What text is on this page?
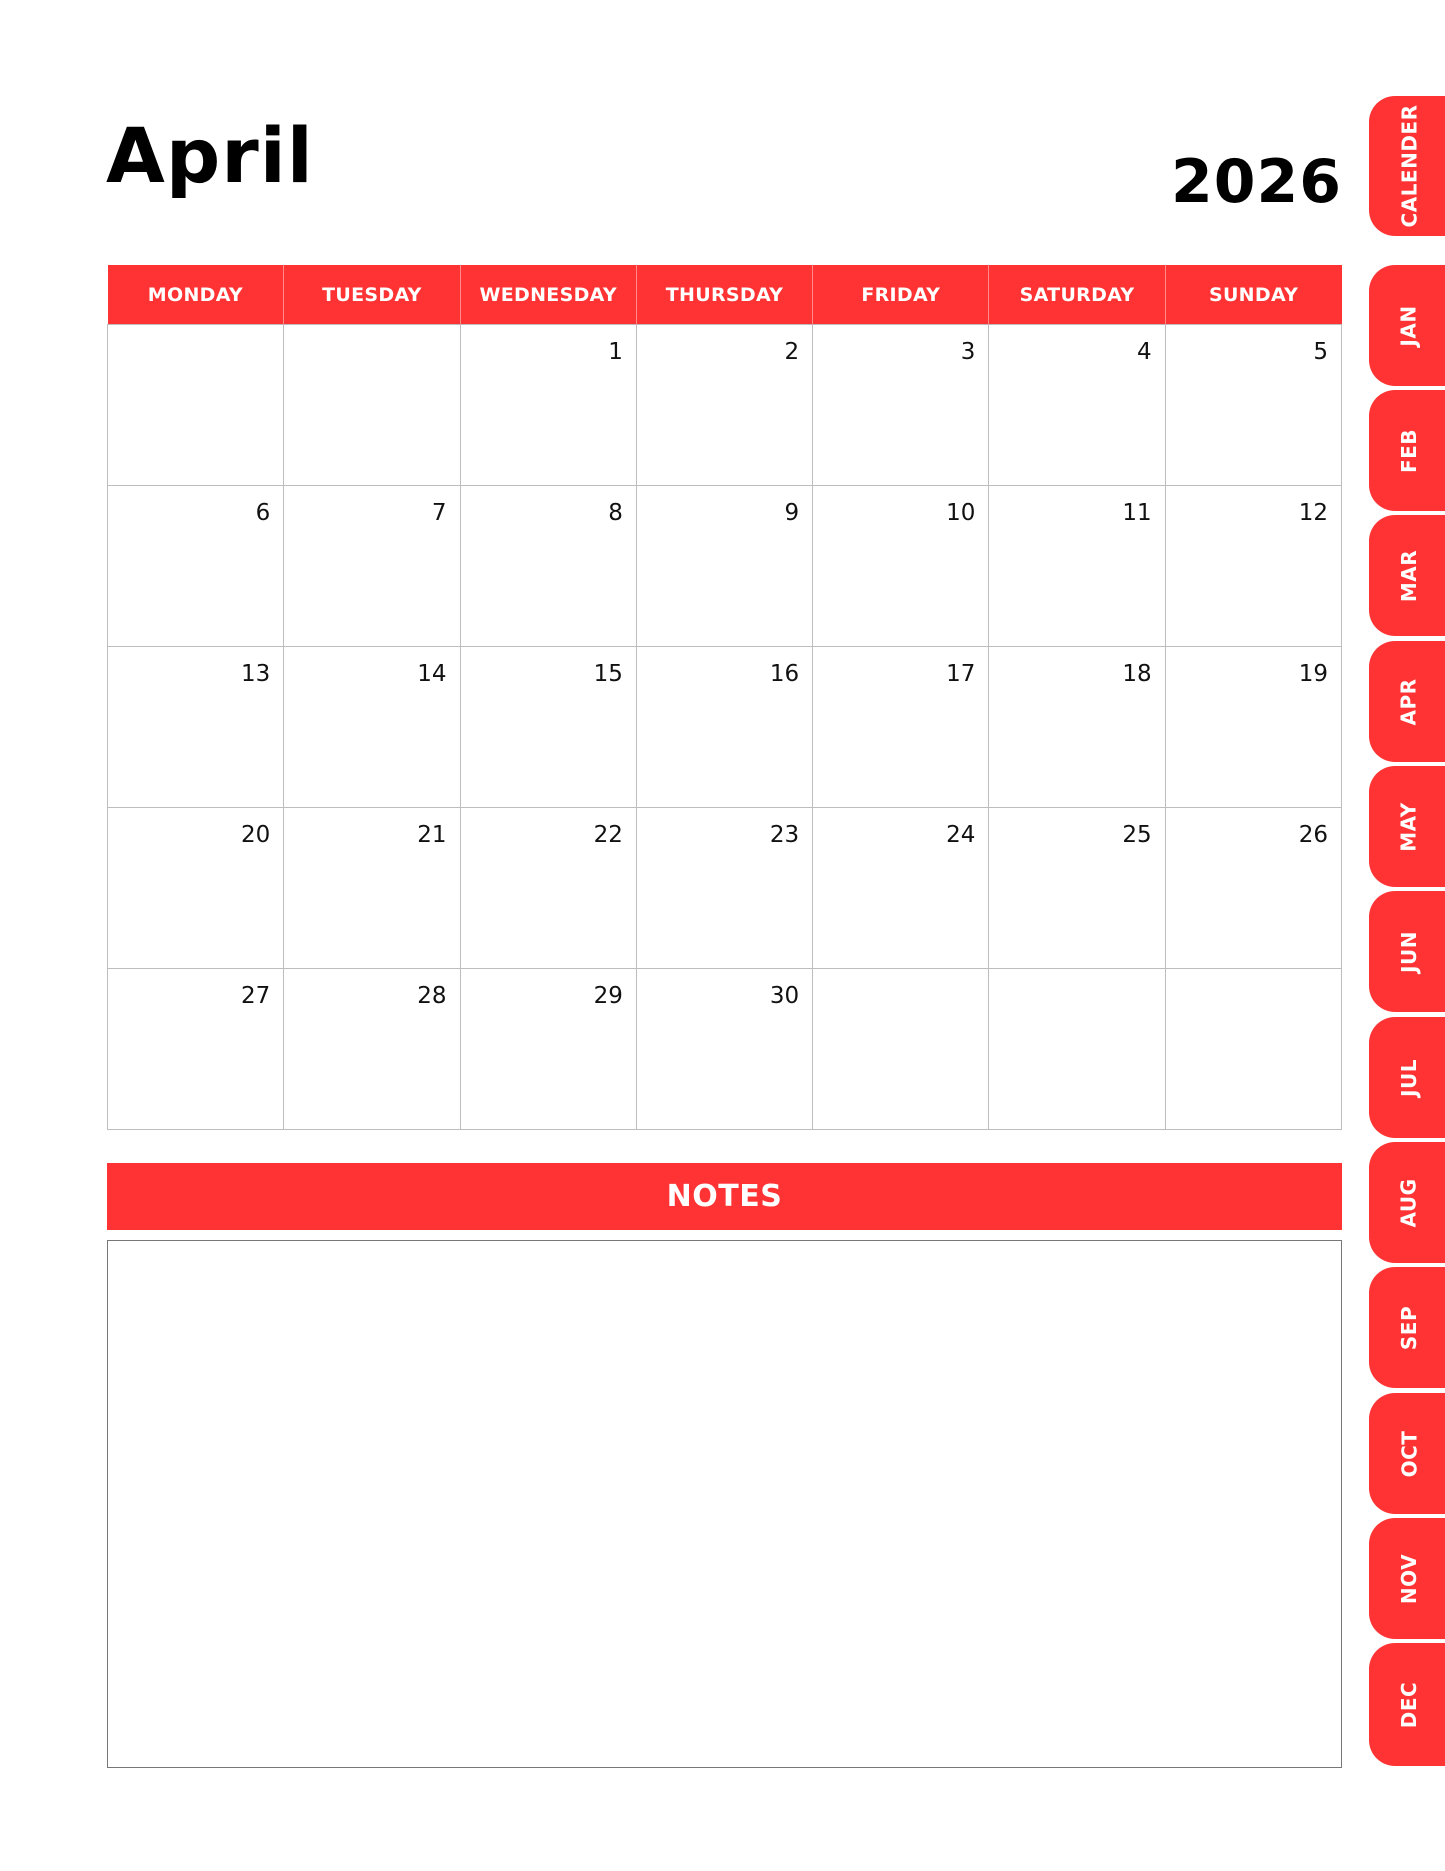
April	2026
MONDAY	TUESDAY	WEDNESDAY	THURSDAY	FRIDAY	SATURDAY	SUNDAY

		1	2	3	4	5

6	7	8	9	10	11	12

13	14	15	16	17	18	19

20	21	22	23	24	25	26

27	28	29	30			

NOTES
CALENDER
JAN
FEB
MAR
APR
MAY
JUN
JUL
AUG
SEP
OCT
NOV
DEC
